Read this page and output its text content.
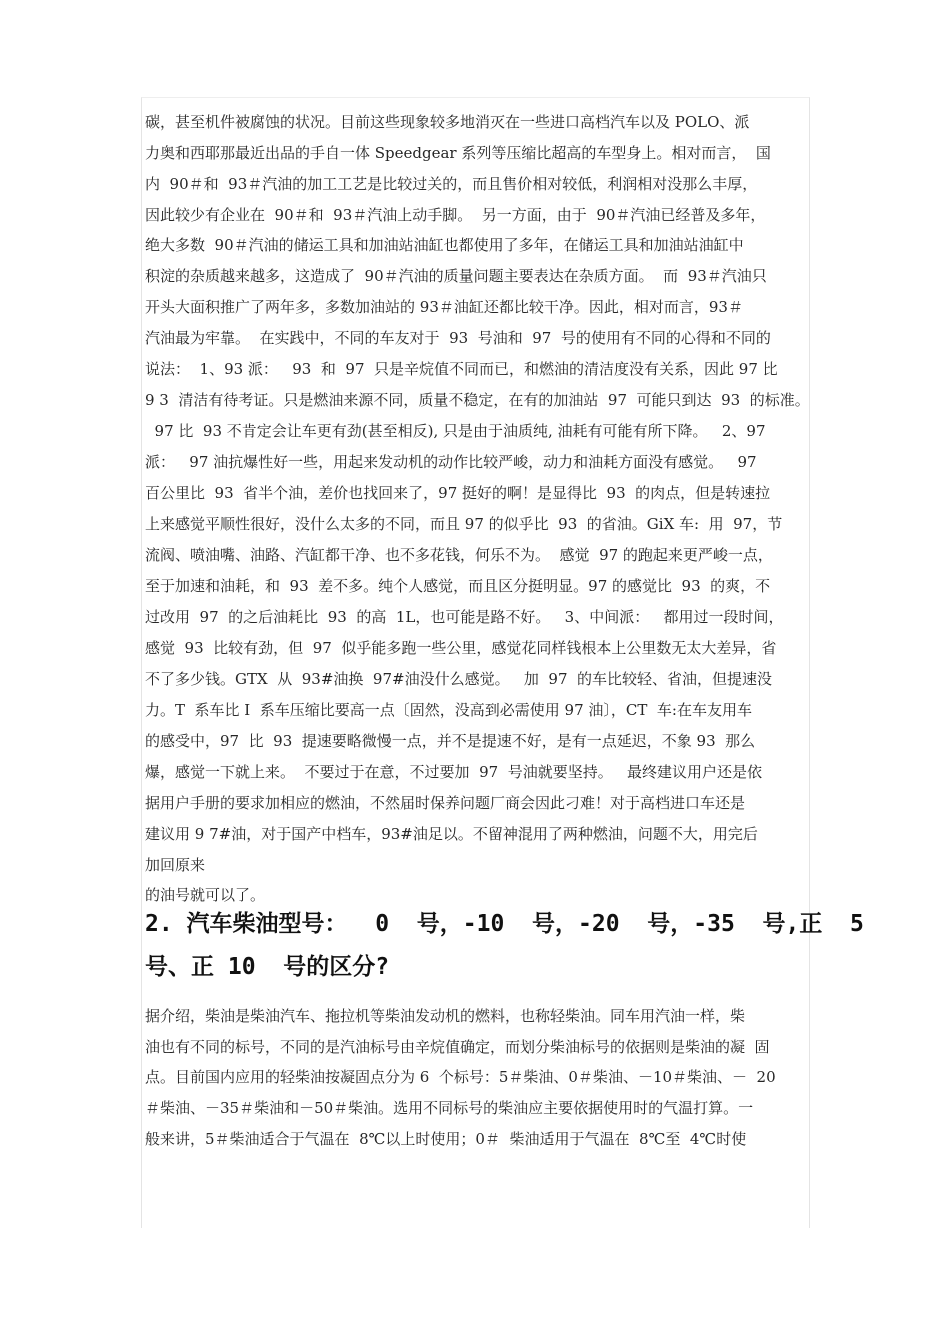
碳，甚至机件被腐蚀的状况。目前这些现象较多地消灭在一些进口高档汽车以及 POLO、派
力奥和西耶那最近出品的手自一体 Speedgear 系列等压缩比超高的车型身上。相对而言，  国
内  90＃和  93＃汽油的加工工艺是比较过关的，而且售价相对较低，利润相对没那么丰厚，
因此较少有企业在  90＃和  93＃汽油上动手脚。  另一方面，由于  90＃汽油已经普及多年，
绝大多数  90＃汽油的储运工具和加油站油缸也都使用了多年，在储运工具和加油站油缸中
积淀的杂质越来越多，这造成了  90＃汽油的质量问题主要表达在杂质方面。  而  93＃汽油只
开头大面积推广了两年多，多数加油站的 93＃油缸还都比较干净。因此，相对而言，93＃
汽油最为牢靠。  在实践中，不同的车友对于  93  号油和  97  号的使用有不同的心得和不同的
说法：  1、93 派：   93  和  97  只是辛烷值不同而已，和燃油的清洁度没有关系，因此 97 比
9 3  清洁有待考证。只是燃油来源不同，质量不稳定，在有的加油站  97  可能只到达  93  的标准。
97 比  93 不肯定会让车更有劲(甚至相反), 只是由于油质纯, 油耗有可能有所下降。   2、97
派：   97 油抗爆性好一些，用起来发动机的动作比较严峻，动力和油耗方面没有感觉。   97
百公里比  93  省半个油，差价也找回来了，97 挺好的啊！是显得比  93  的肉点，但是转速拉
上来感觉平顺性很好，没什么太多的不同，而且 97 的似乎比  93  的省油。GiX 车:  用  97，节
流阀、喷油嘴、油路、汽缸都干净、也不多花钱，何乐不为。  感觉  97 的跑起来更严峻一点，
至于加速和油耗，和  93  差不多。纯个人感觉，而且区分挺明显。97 的感觉比  93  的爽，不
过改用  97  的之后油耗比  93  的高  1L，也可能是路不好。   3、中间派：   都用过一段时间，
感觉  93  比较有劲，但  97  似乎能多跑一些公里，感觉花同样钱根本上公里数无太大差异，省
不了多少钱。GTX  从  93#油换  97#油没什么感觉。   加  97  的车比较轻、省油，但提速没
力。T  系车比 I  系车压缩比要高一点〔固然，没高到必需使用 97 油〕，CT  车:在车友用车
的感受中，97  比  93  提速要略微慢一点，并不是提速不好，是有一点延迟，不象 93  那么
爆，感觉一下就上来。  不要过于在意，不过要加  97  号油就要坚持。   最终建议用户还是依
据用户手册的要求加相应的燃油，不然届时保养问题厂商会因此刁难！对于高档进口车还是
建议用 9 7#油，对于国产中档车，93#油足以。不留神混用了两种燃油，问题不大，用完后
加回原来
的油号就可以了。
2. 汽车柴油型号：  0  号，-10  号，-20  号，-35  号,正  5
号、正 10  号的区分?
据介绍，柴油是柴油汽车、拖拉机等柴油发动机的燃料，也称轻柴油。同车用汽油一样，柴
油也有不同的标号，不同的是汽油标号由辛烷值确定，而划分柴油标号的依据则是柴油的凝  固
点。目前国内应用的轻柴油按凝固点分为 6  个标号：5＃柴油、0＃柴油、－10＃柴油、－  20
＃柴油、－35＃柴油和－50＃柴油。选用不同标号的柴油应主要依据使用时的气温打算。一
般来讲，5＃柴油适合于气温在  8℃以上时使用；0＃  柴油适用于气温在  8℃至  4℃时使
